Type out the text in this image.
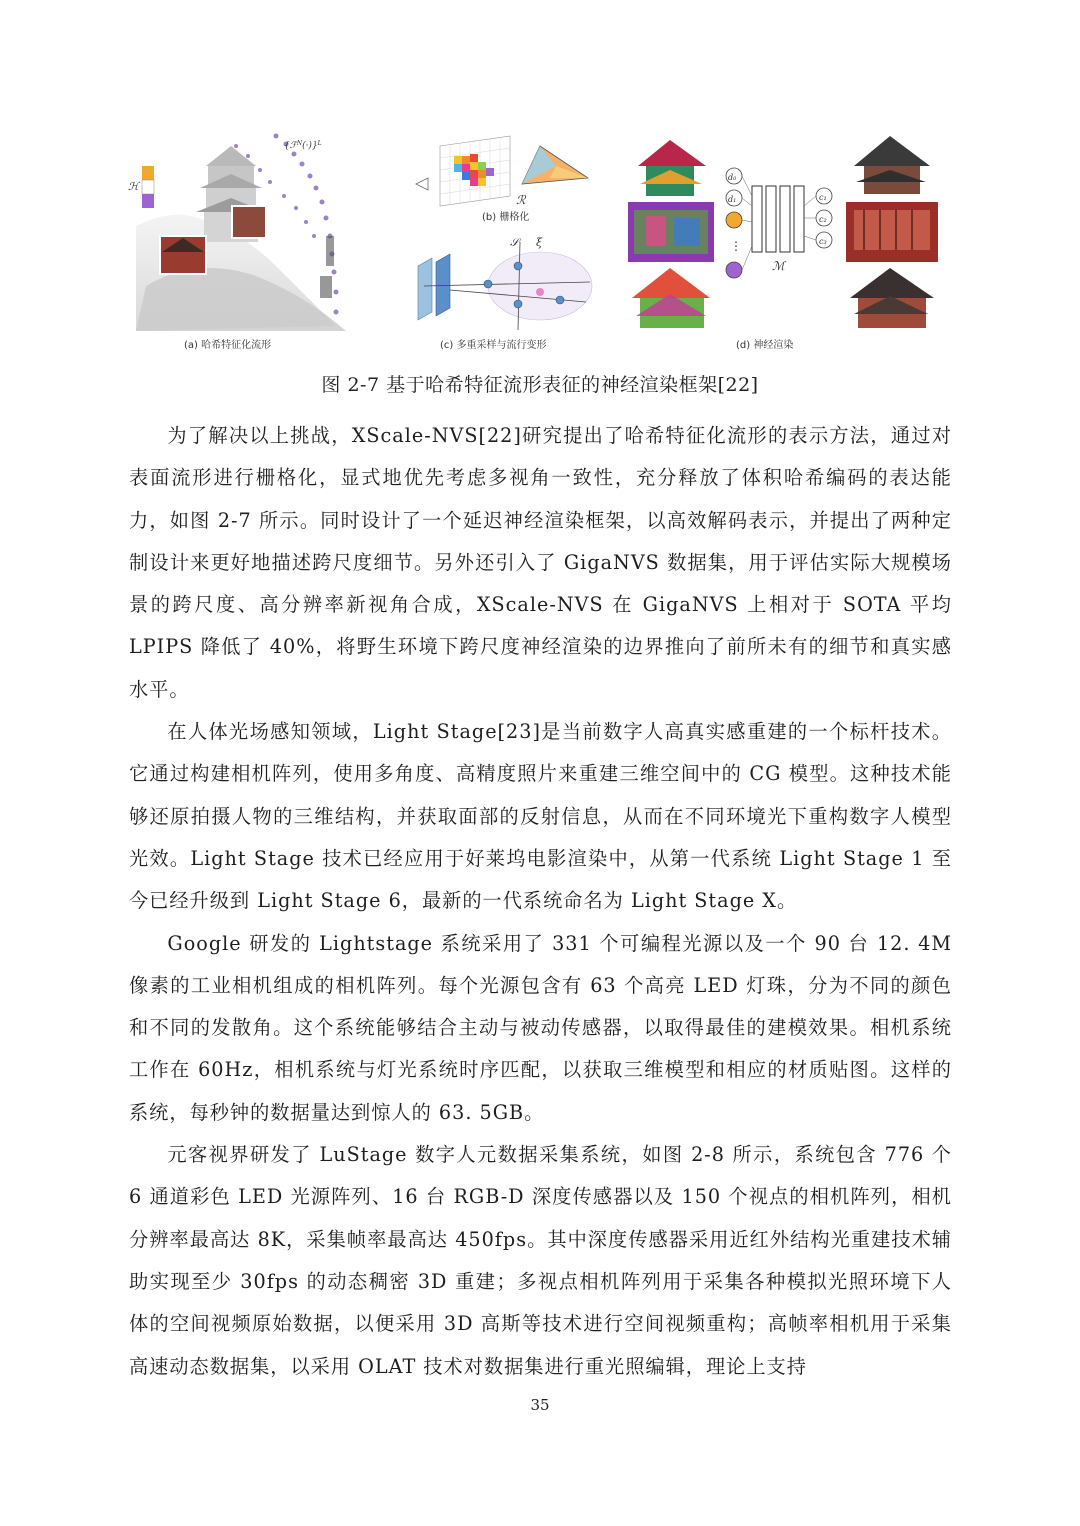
ℋ
{ℱ$^N$(·)}$^L$
(a) 哈希特征化流形
ℛ
(b) 栅格化
𝒮	ξ
(c) 多重采样与流行变形
⋮
d₀
d₁	c₁
c₂
c₃
ℳ
(d) 神经渲染
图 2-7 基于哈希特征流形表征的神经渲染框架[22]

为了解决以上挑战，XScale-NVS[22]研究提出了哈希特征化流形的表示方法，通过对表面流形进行栅格化，显式地优先考虑多视角一致性，充分释放了体积哈希编码的表达能力，如图 2-7 所示。同时设计了一个延迟神经渲染框架，以高效解码表示，并提出了两种定制设计来更好地描述跨尺度细节。另外还引入了 GigaNVS 数据集，用于评估实际大规模场景的跨尺度、高分辨率新视角合成，XScale-NVS 在 GigaNVS 上相对于 SOTA 平均 LPIPS 降低了 40%，将野生环境下跨尺度神经渲染的边界推向了前所未有的细节和真实感水平。

在人体光场感知领域，Light Stage[23]是当前数字人高真实感重建的一个标杆技术。它通过构建相机阵列，使用多角度、高精度照片来重建三维空间中的 CG 模型。这种技术能够还原拍摄人物的三维结构，并获取面部的反射信息，从而在不同环境光下重构数字人模型光效。Light Stage 技术已经应用于好莱坞电影渲染中，从第一代系统 Light Stage 1 至今已经升级到 Light Stage 6，最新的一代系统命名为 Light Stage X。

Google 研发的 Lightstage 系统采用了 331 个可编程光源以及一个 90 台 12. 4M 像素的工业相机组成的相机阵列。每个光源包含有 63 个高亮 LED 灯珠，分为不同的颜色和不同的发散角。这个系统能够结合主动与被动传感器，以取得最佳的建模效果。相机系统工作在 60Hz，相机系统与灯光系统时序匹配，以获取三维模型和相应的材质贴图。这样的系统，每秒钟的数据量达到惊人的 63. 5GB。

元客视界研发了 LuStage 数字人元数据采集系统，如图 2-8 所示，系统包含 776 个 6 通道彩色 LED 光源阵列、16 台 RGB-D 深度传感器以及 150 个视点的相机阵列，相机分辨率最高达 8K，采集帧率最高达 450fps。其中深度传感器采用近红外结构光重建技术辅助实现至少 30fps 的动态稠密 3D 重建；多视点相机阵列用于采集各种模拟光照环境下人体的空间视频原始数据，以便采用 3D 高斯等技术进行空间视频重构；高帧率相机用于采集高速动态数据集，以采用 OLAT 技术对数据集进行重光照编辑，理论上支持

35
